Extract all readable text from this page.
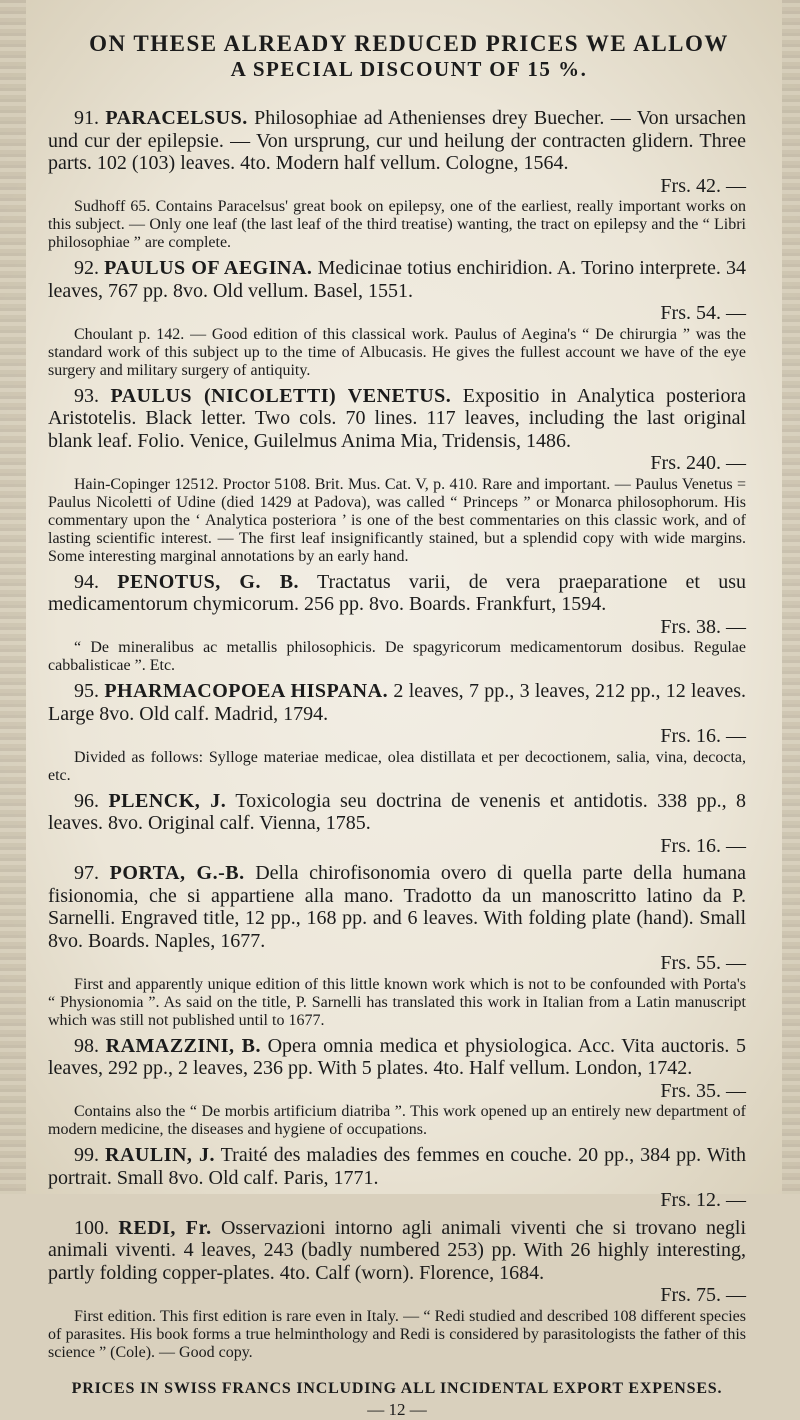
ON THESE ALREADY REDUCED PRICES WE ALLOW
A SPECIAL DISCOUNT OF 15 %.

91. PARACELSUS. Philosophiae ad Athenienses drey Buecher. — Von ursachen und cur der epilepsie. — Von ursprung, cur und heilung der contracten glidern. Three parts. 102 (103) leaves. 4to. Modern half vellum. Cologne, 1564.
Frs. 42. —

Sudhoff 65. Contains Paracelsus' great book on epilepsy, one of the earliest, really important works on this subject. — Only one leaf (the last leaf of the third treatise) wanting, the tract on epilepsy and the “ Libri philosophiae ” are complete.

92. PAULUS OF AEGINA. Medicinae totius enchiridion. A. Torino interprete. 34 leaves, 767 pp. 8vo. Old vellum. Basel, 1551.
Frs. 54. —

Choulant p. 142. — Good edition of this classical work. Paulus of Aegina's “ De chirurgia ” was the standard work of this subject up to the time of Albucasis. He gives the fullest account we have of the eye surgery and military surgery of antiquity.

93. PAULUS (NICOLETTI) VENETUS. Expositio in Analytica posteriora Aristotelis. Black letter. Two cols. 70 lines. 117 leaves, including the last original blank leaf. Folio. Venice, Guilelmus Anima Mia, Tridensis, 1486.
Frs. 240. —

Hain-Copinger 12512. Proctor 5108. Brit. Mus. Cat. V, p. 410. Rare and important. — Paulus Venetus = Paulus Nicoletti of Udine (died 1429 at Padova), was called “ Princeps ” or Monarca philosophorum. His commentary upon the ‘ Analytica posteriora ’ is one of the best commentaries on this classic work, and of lasting scientific interest. — The first leaf insignificantly stained, but a splendid copy with wide margins. Some interesting marginal annotations by an early hand.

94. PENOTUS, G. B. Tractatus varii, de vera praeparatione et usu medicamentorum chymicorum. 256 pp. 8vo. Boards. Frankfurt, 1594.
Frs. 38. —

“ De mineralibus ac metallis philosophicis. De spagyricorum medicamentorum dosibus. Regulae cabbalisticae ”. Etc.

95. PHARMACOPOEA HISPANA. 2 leaves, 7 pp., 3 leaves, 212 pp., 12 leaves. Large 8vo. Old calf. Madrid, 1794.
Frs. 16. —

Divided as follows: Sylloge materiae medicae, olea distillata et per decoctionem, salia, vina, decocta, etc.

96. PLENCK, J. Toxicologia seu doctrina de venenis et antidotis. 338 pp., 8 leaves. 8vo. Original calf. Vienna, 1785.
Frs. 16. —

97. PORTA, G.-B. Della chirofisonomia overo di quella parte della humana fisionomia, che si appartiene alla mano. Tradotto da un manoscritto latino da P. Sarnelli. Engraved title, 12 pp., 168 pp. and 6 leaves. With folding plate (hand). Small 8vo. Boards. Naples, 1677.
Frs. 55. —

First and apparently unique edition of this little known work which is not to be confounded with Porta's “ Physionomia ”. As said on the title, P. Sarnelli has translated this work in Italian from a Latin manuscript which was still not published until to 1677.

98. RAMAZZINI, B. Opera omnia medica et physiologica. Acc. Vita auctoris. 5 leaves, 292 pp., 2 leaves, 236 pp. With 5 plates. 4to. Half vellum. London, 1742.
Frs. 35. —

Contains also the “ De morbis artificium diatriba ”. This work opened up an entirely new department of modern medicine, the diseases and hygiene of occupations.

99. RAULIN, J. Traité des maladies des femmes en couche. 20 pp., 384 pp. With portrait. Small 8vo. Old calf. Paris, 1771.
Frs. 12. —

100. REDI, Fr. Osservazioni intorno agli animali viventi che si trovano negli animali viventi. 4 leaves, 243 (badly numbered 253) pp. With 26 highly interesting, partly folding copper-plates. 4to. Calf (worn). Florence, 1684.
Frs. 75. —

First edition. This first edition is rare even in Italy. — “ Redi studied and described 108 different species of parasites. His book forms a true helminthology and Redi is considered by parasitologists the father of this science ” (Cole). — Good copy.

PRICES IN SWISS FRANCS INCLUDING ALL INCIDENTAL EXPORT EXPENSES.
— 12 —
